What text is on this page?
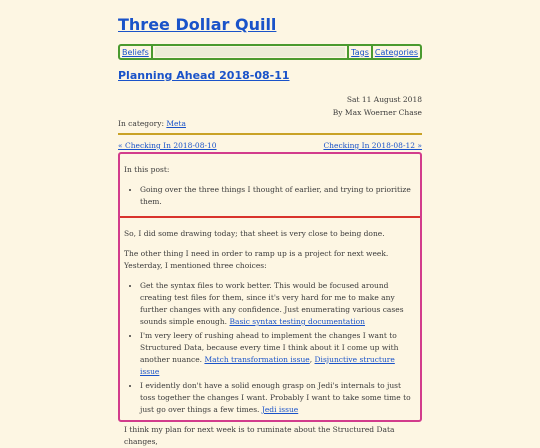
Three Dollar Quill
Beliefs	Tags Categories
Planning Ahead 2018-08-11
Sat 11 August 2018
By Max Woerner Chase
In category: Meta
« Checking In 2018-08-10	Checking In 2018-08-12 »

In this post:

• Going over the three things I thought of earlier, and trying to prioritize them.

So, I did some drawing today; that sheet is very close to being done.

The other thing I need in order to ramp up is a project for next week. Yesterday, I mentioned three choices:

• Get the syntax files to work better. This would be focused around creating test files for them, since it's very hard for me to make any further changes with any confidence. Just enumerating various cases sounds simple enough. Basic syntax testing documentation
• I'm very leery of rushing ahead to implement the changes I want to Structured Data, because every time I think about it I come up with another nuance. Match transformation issue, Disjunctive structure issue
• I evidently don't have a solid enough grasp on Jedi's internals to just toss together the changes I want. Probably I want to take some time to just go over things a few times. Jedi issue

I think my plan for next week is to ruminate about the Structured Data changes,
